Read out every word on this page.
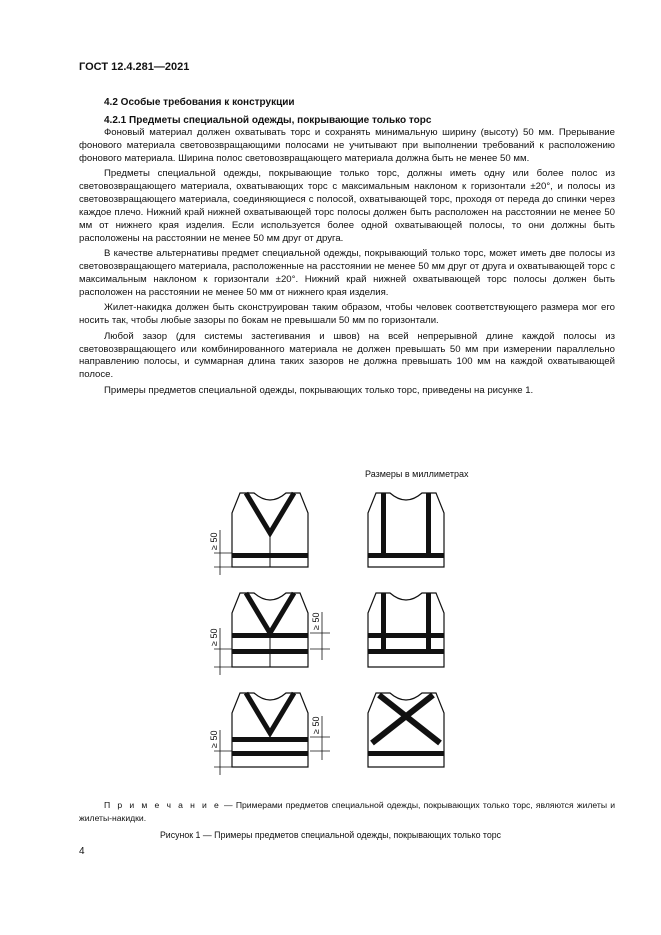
ГОСТ 12.4.281—2021
4.2 Особые требования к конструкции
4.2.1 Предметы специальной одежды, покрывающие только торс

Фоновый материал должен охватывать торс и сохранять минимальную ширину (высоту) 50 мм. Прерывание фонового материала световозвращающими полосами не учитывают при выполнении требований к расположению фонового материала. Ширина полос световозвращающего материала должна быть не менее 50 мм.

Предметы специальной одежды, покрывающие только торс, должны иметь одну или более полос из световозвращающего материала, охватывающих торс с максимальным наклоном к горизонтали ±20°, и полосы из световозвращающего материала, соединяющиеся с полосой, охватывающей торс, проходя от переда до спинки через каждое плечо. Нижний край нижней охватывающей торс полосы должен быть расположен на расстоянии не менее 50 мм от нижнего края изделия. Если используется более одной охватывающей полосы, то они должны быть расположены на расстоянии не менее 50 мм друг от друга.

В качестве альтернативы предмет специальной одежды, покрывающий только торс, может иметь две полосы из световозвращающего материала, расположенные на расстоянии не менее 50 мм друг от друга и охватывающей торс с максимальным наклоном к горизонтали ±20°. Нижний край нижней охватывающей торс полосы должен быть расположен на расстоянии не менее 50 мм от нижнего края изделия.

Жилет-накидка должен быть сконструирован таким образом, чтобы человек соответствующего размера мог его носить так, чтобы любые зазоры по бокам не превышали 50 мм по горизонтали.

Любой зазор (для системы застегивания и швов) на всей непрерывной длине каждой полосы из световозвращающего или комбинированного материала не должен превышать 50 мм при измерении параллельно направлению полосы, и суммарная длина таких зазоров не должна превышать 100 мм на каждой охватывающей полосе.

Примеры предметов специальной одежды, покрывающих только торс, приведены на рисунке 1.

Размеры в миллиметрах
≥ 50
≥ 50
≥ 50
≥ 50
≥ 50
П р и м е ч а н и е — Примерами предметов специальной одежды, покрывающих только торс, являются жилеты и жилеты-накидки.
Рисунок 1 — Примеры предметов специальной одежды, покрывающих только торс
4
